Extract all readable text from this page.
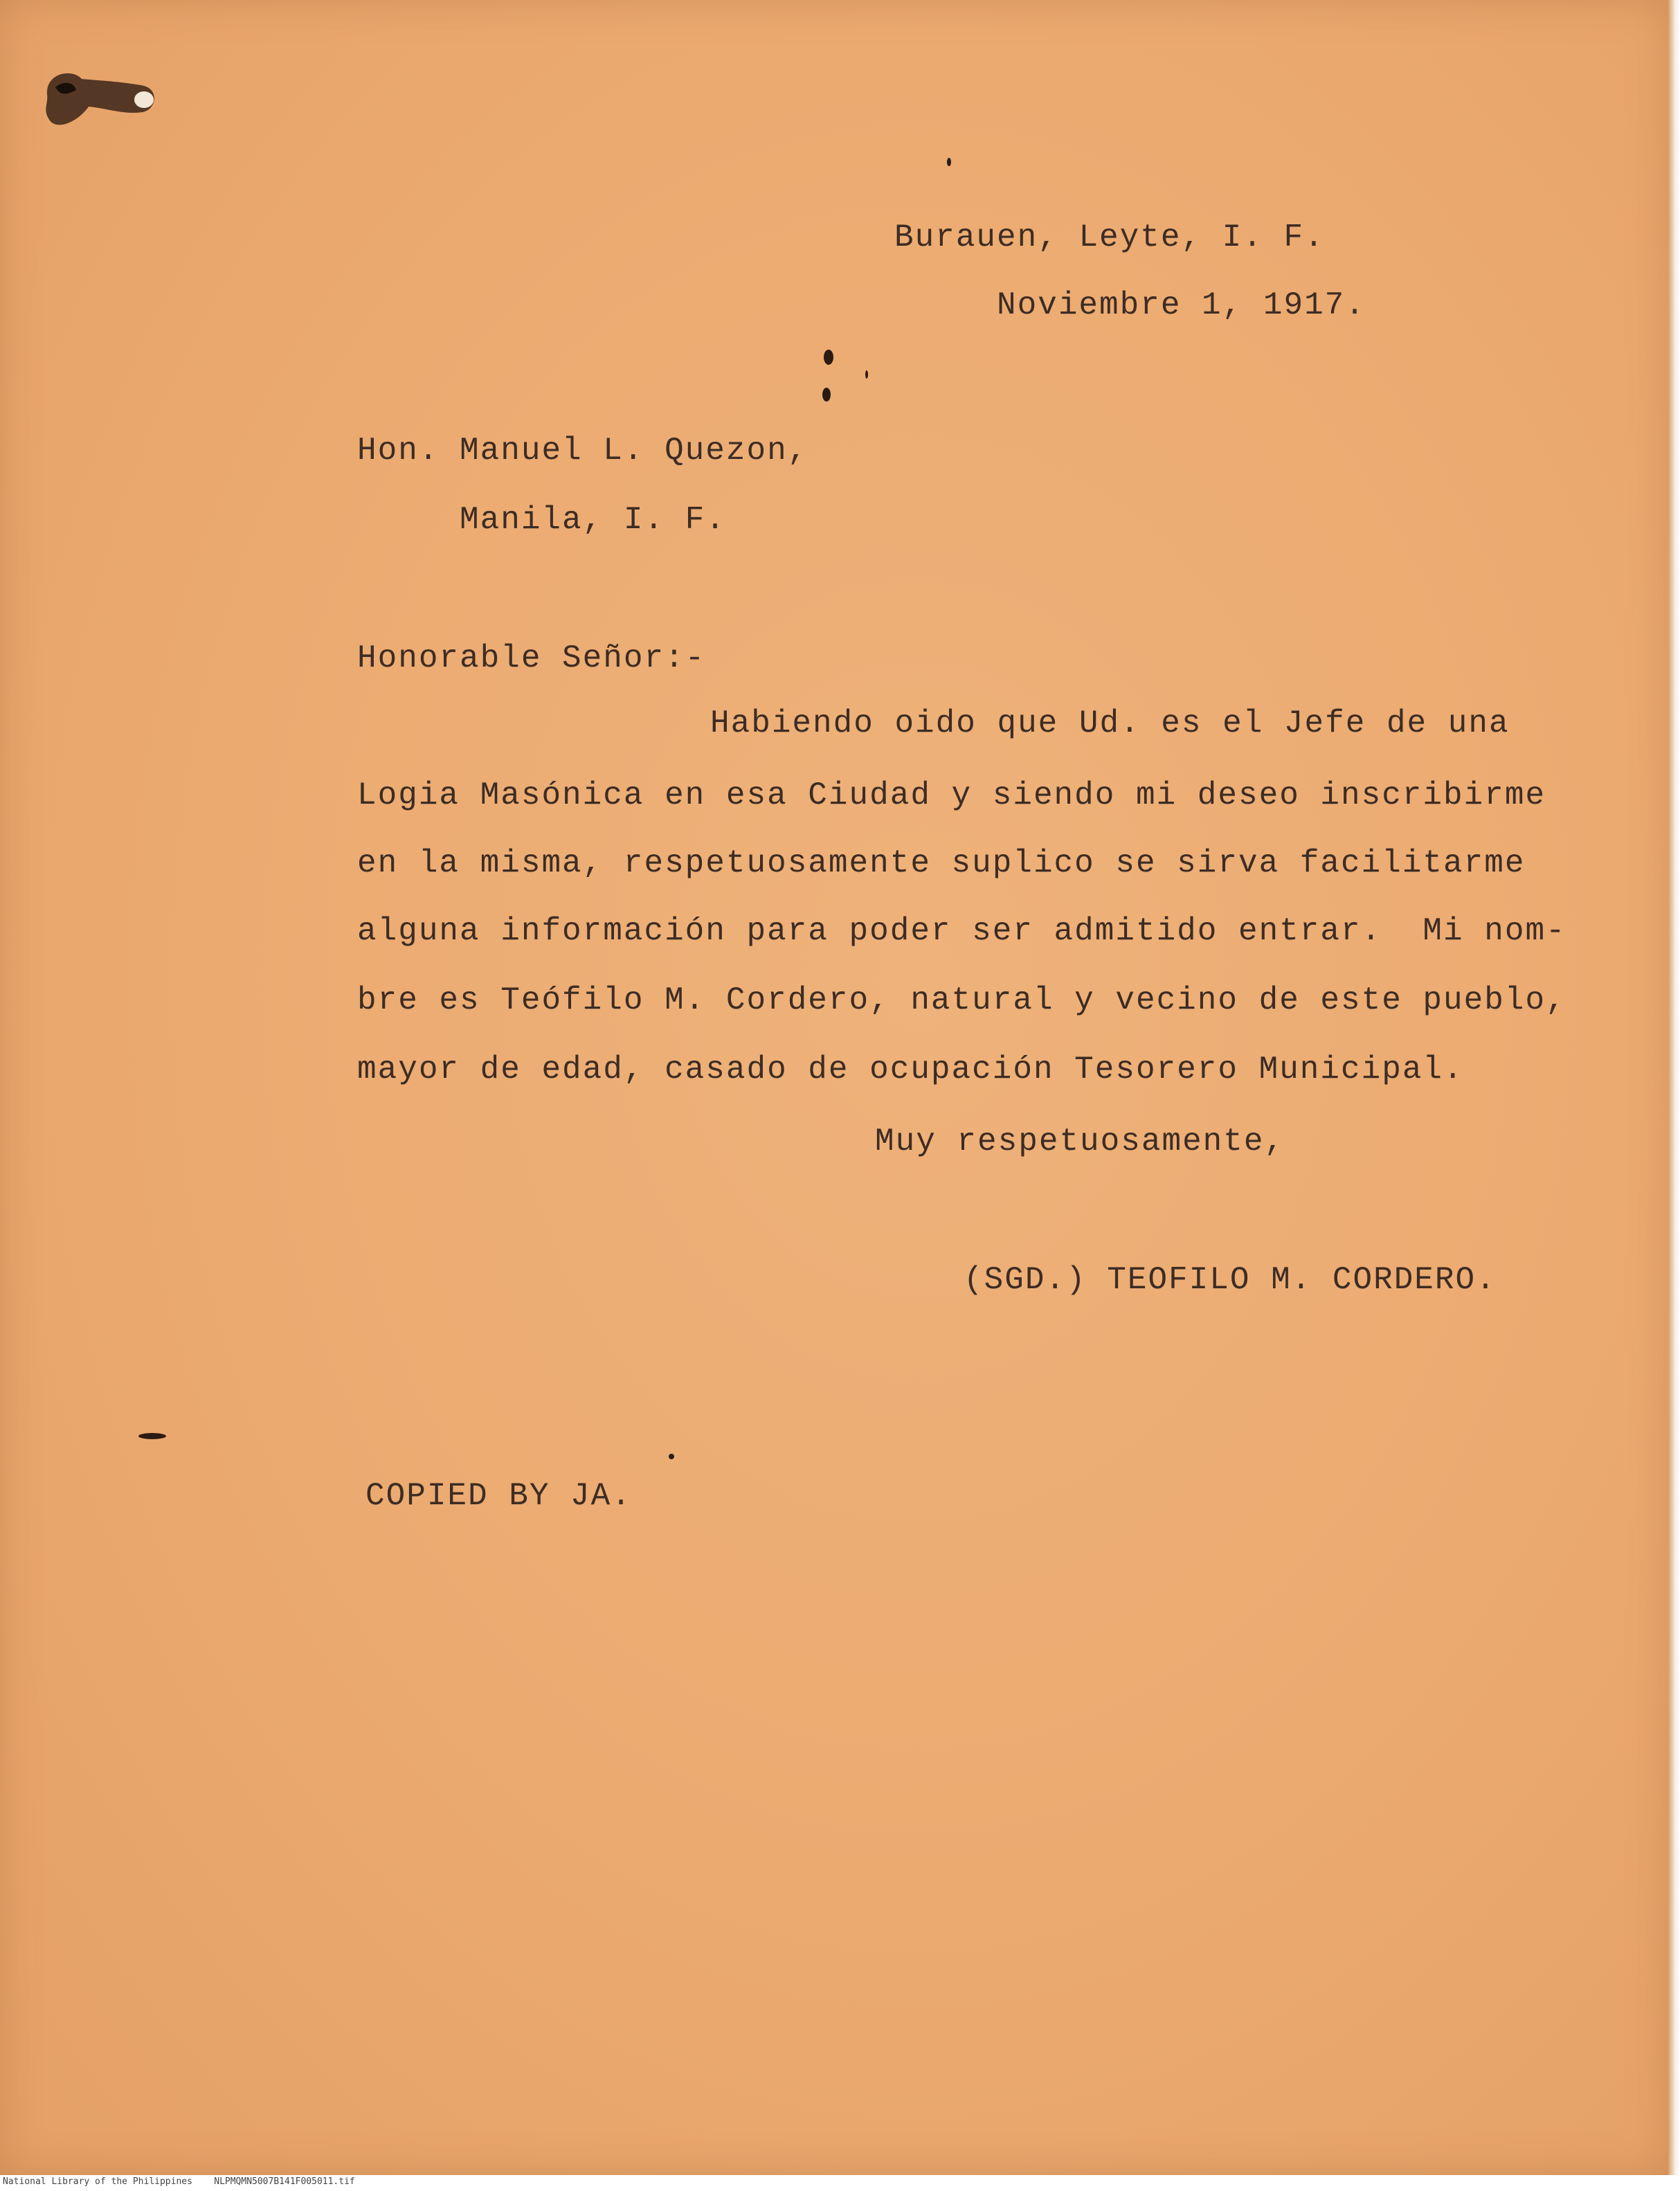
Burauen, Leyte, I. F.
Noviembre 1, 1917.
Hon. Manuel L. Quezon,
Manila, I. F.
Honorable Señor:-
Habiendo oido que Ud. es el Jefe de una
Logia Masónica en esa Ciudad y siendo mi deseo inscribirme
en la misma, respetuosamente suplico se sirva facilitarme
alguna información para poder ser admitido entrar.  Mi nom-
bre es Teófilo M. Cordero, natural y vecino de este pueblo,
mayor de edad, casado de ocupación Tesorero Municipal.
Muy respetuosamente,
(SGD.) TEOFILO M. CORDERO.
COPIED BY JA.
National Library of the Philippines    NLPMQMN5007B141F005011.tif
